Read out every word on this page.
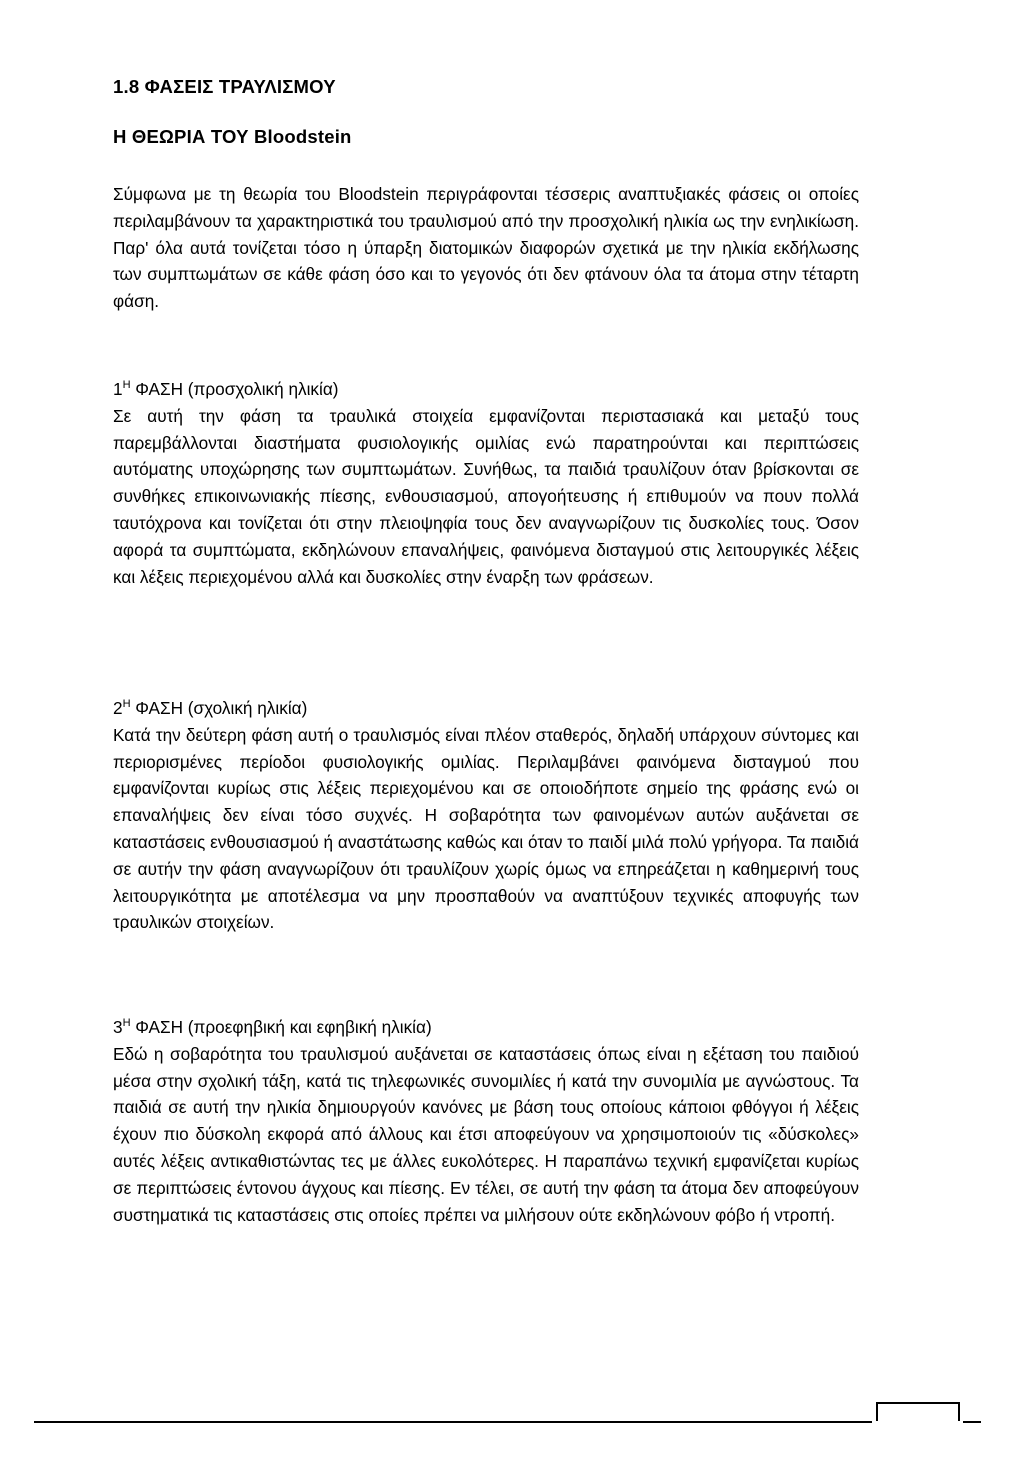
1.8 ΦΑΣΕΙΣ ΤΡΑΥΛΙΣΜΟΥ
Η ΘΕΩΡΙΑ ΤΟΥ Bloodstein

Σύμφωνα με τη θεωρία του Bloodstein περιγράφονται τέσσερις αναπτυξιακές φάσεις οι οποίες περιλαμβάνουν τα χαρακτηριστικά του τραυλισμού από την προσχολική ηλικία ως την ενηλικίωση. Παρ' όλα αυτά τονίζεται τόσο η ύπαρξη διατομικών διαφορών σχετικά με την ηλικία εκδήλωσης των συμπτωμάτων σε κάθε φάση όσο και το γεγονός ότι δεν φτάνουν όλα τα άτομα στην τέταρτη φάση.

$1^H$ ΦΑΣΗ (προσχολική ηλικία)

Σε αυτή την φάση τα τραυλικά στοιχεία εμφανίζονται περιστασιακά και μεταξύ τους παρεμβάλλονται διαστήματα φυσιολογικής ομιλίας ενώ παρατηρούνται και περιπτώσεις αυτόματης υποχώρησης των συμπτωμάτων. Συνήθως, τα παιδιά τραυλίζουν όταν βρίσκονται σε συνθήκες επικοινωνιακής πίεσης, ενθουσιασμού, απογοήτευσης ή επιθυμούν να πουν πολλά ταυτόχρονα και τονίζεται ότι στην πλειοψηφία τους δεν αναγνωρίζουν τις δυσκολίες τους. Όσον αφορά τα συμπτώματα, εκδηλώνουν επαναλήψεις, φαινόμενα δισταγμού στις λειτουργικές λέξεις και λέξεις περιεχομένου αλλά και δυσκολίες στην έναρξη των φράσεων.

$2^H$ ΦΑΣΗ (σχολική ηλικία)

Κατά την δεύτερη φάση αυτή ο τραυλισμός είναι πλέον σταθερός, δηλαδή υπάρχουν σύντομες και περιορισμένες περίοδοι φυσιολογικής ομιλίας. Περιλαμβάνει φαινόμενα δισταγμού που εμφανίζονται κυρίως στις λέξεις περιεχομένου και σε οποιοδήποτε σημείο της φράσης ενώ οι επαναλήψεις δεν είναι τόσο συχνές. Η σοβαρότητα των φαινομένων αυτών αυξάνεται σε καταστάσεις ενθουσιασμού ή αναστάτωσης καθώς και όταν το παιδί μιλά πολύ γρήγορα. Τα παιδιά σε αυτήν την φάση αναγνωρίζουν ότι τραυλίζουν χωρίς όμως να επηρεάζεται η καθημερινή τους λειτουργικότητα με αποτέλεσμα να μην προσπαθούν να αναπτύξουν τεχνικές αποφυγής των τραυλικών στοιχείων.

$3^H$ ΦΑΣΗ (προεφηβική και εφηβική ηλικία)

Εδώ η σοβαρότητα του τραυλισμού αυξάνεται σε καταστάσεις όπως είναι η εξέταση του παιδιού μέσα στην σχολική τάξη, κατά τις τηλεφωνικές συνομιλίες ή κατά την συνομιλία με αγνώστους. Τα παιδιά σε αυτή την ηλικία δημιουργούν κανόνες με βάση τους οποίους κάποιοι φθόγγοι ή λέξεις έχουν πιο δύσκολη εκφορά από άλλους και έτσι αποφεύγουν να χρησιμοποιούν τις «δύσκολες» αυτές λέξεις αντικαθιστώντας τες με άλλες ευκολότερες. Η παραπάνω τεχνική εμφανίζεται κυρίως σε περιπτώσεις έντονου άγχους και πίεσης. Εν τέλει, σε αυτή την φάση τα άτομα δεν αποφεύγουν συστηματικά τις καταστάσεις στις οποίες πρέπει να μιλήσουν ούτε εκδηλώνουν φόβο ή ντροπή.
